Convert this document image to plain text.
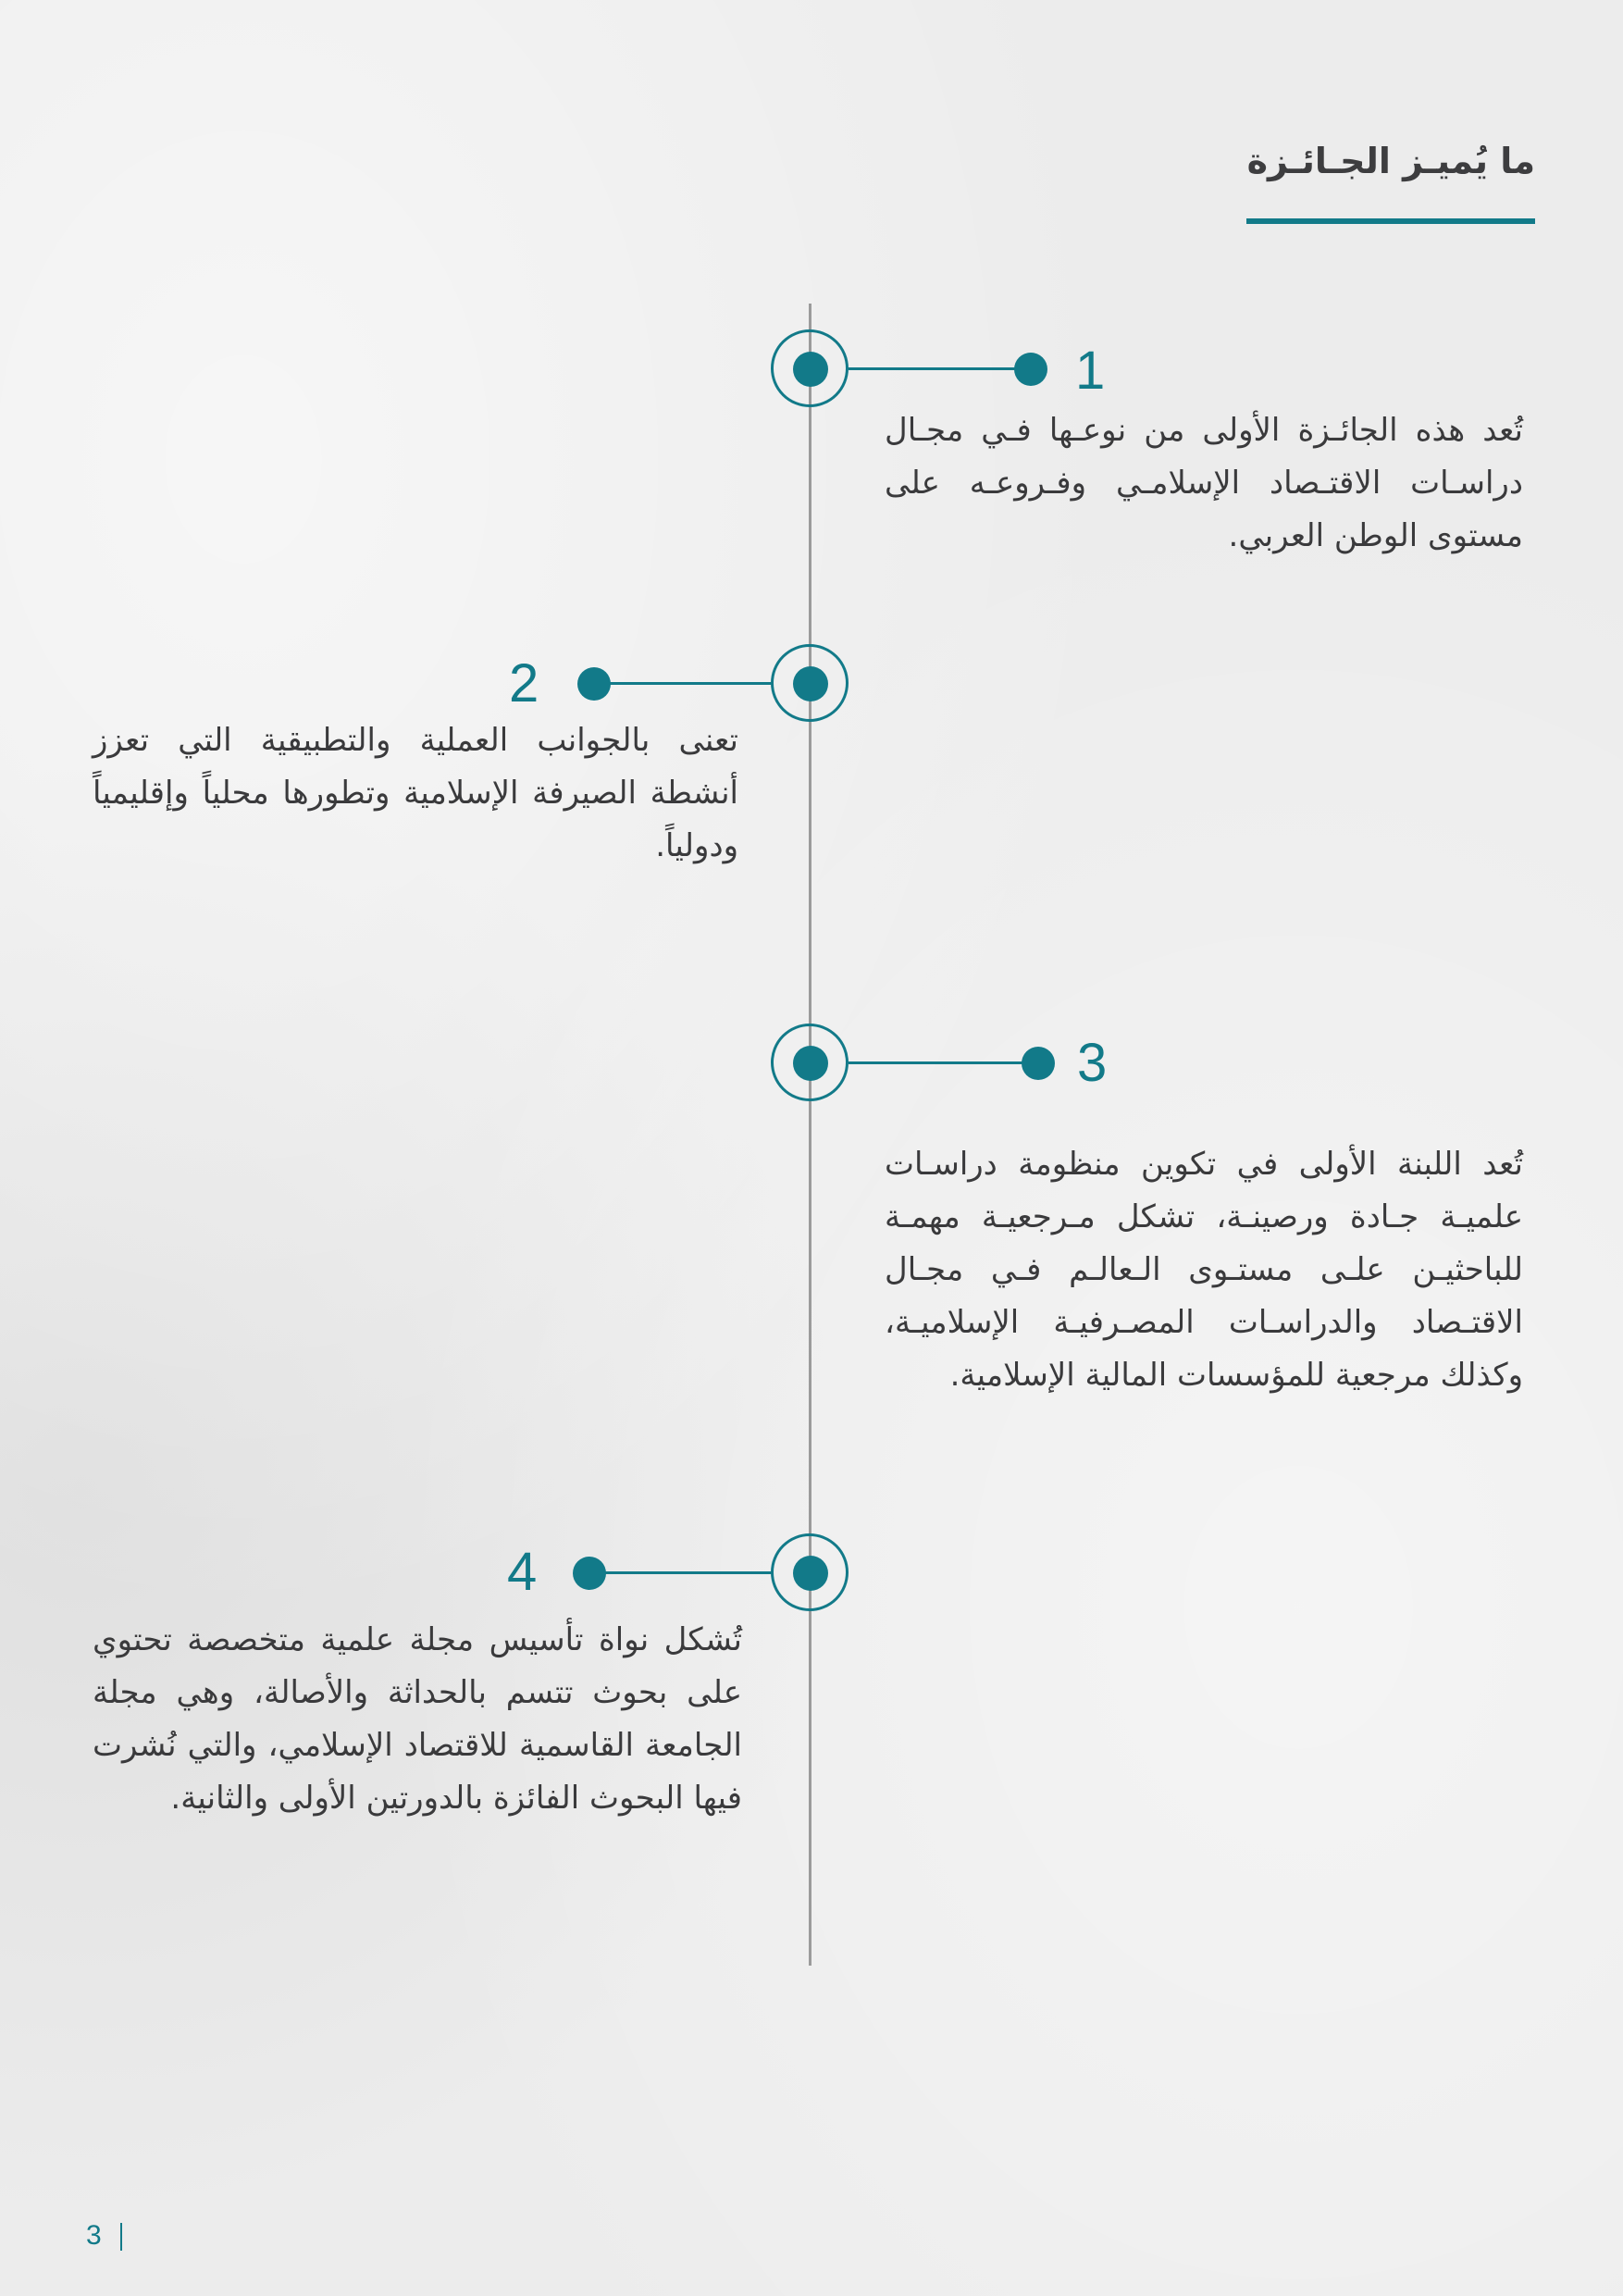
ما يُميـز الجـائـزة
1
تُعد هذه الجائـزة الأولى من نوعـها فـي مجـال دراسـات الاقتـصاد الإسلامـي وفـروعـه على مستوى الوطن العربي.
2
تعنى بالجوانب العملية والتطبيقية التي تعزز أنشطة الصيرفة الإسلامية وتطورها محلياً وإقليمياً ودولياً.
3
تُعد اللبنة الأولى في تكوين منظومة دراسـات علميـة جـادة ورصينـة، تشكل مـرجعيـة مهمـة للباحثيـن علـى مستـوى الـعالـم فـي مجـال الاقتـصاد والدراسـات المصـرفيـة الإسلاميـة، وكذلك مرجعية للمؤسسات المالية الإسلامية.
4
تُشكل نواة تأسيس مجلة علمية متخصصة تحتوي على بحوث تتسم بالحداثة والأصالة، وهي مجلة الجامعة القاسمية للاقتصاد الإسلامي، والتي نُشرت فيها البحوث الفائزة بالدورتين الأولى والثانية.
3
